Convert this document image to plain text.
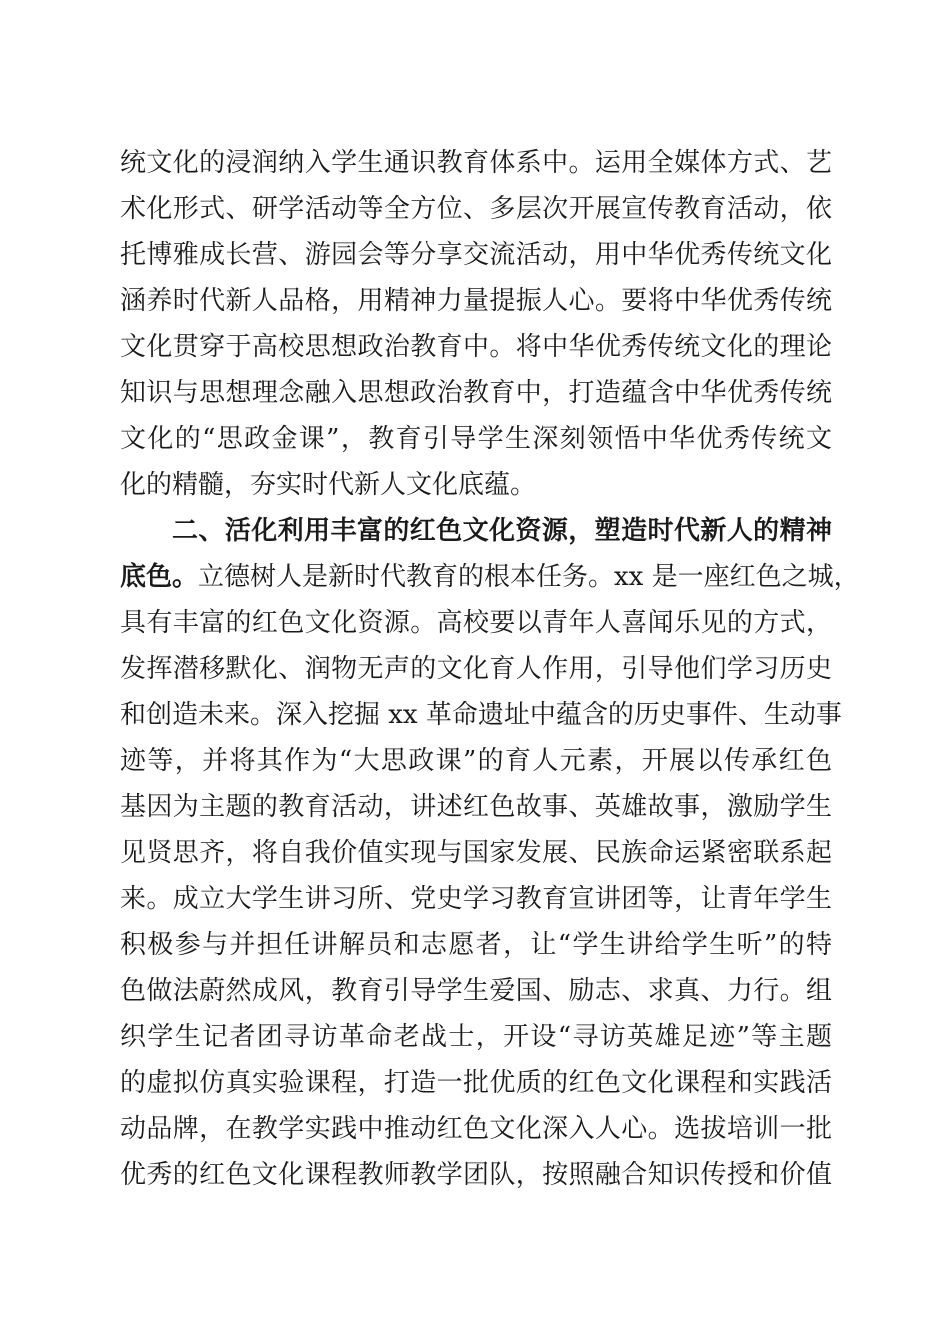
统文化的浸润纳入学生通识教育体系中。运用全媒体方式、艺
术化形式、研学活动等全方位、多层次开展宣传教育活动，依
托博雅成长营、游园会等分享交流活动，用中华优秀传统文化
涵养时代新人品格，用精神力量提振人心。要将中华优秀传统
文化贯穿于高校思想政治教育中。将中华优秀传统文化的理论
知识与思想理念融入思想政治教育中，打造蕴含中华优秀传统
文化的“思政金课”，教育引导学生深刻领悟中华优秀传统文
化的精髓，夯实时代新人文化底蕴。
二、活化利用丰富的红色文化资源，塑造时代新人的精神
底色。立德树人是新时代教育的根本任务。xx 是一座红色之城，
具有丰富的红色文化资源。高校要以青年人喜闻乐见的方式，
发挥潜移默化、润物无声的文化育人作用，引导他们学习历史
和创造未来。深入挖掘 xx 革命遗址中蕴含的历史事件、生动事
迹等，并将其作为“大思政课”的育人元素，开展以传承红色
基因为主题的教育活动，讲述红色故事、英雄故事，激励学生
见贤思齐，将自我价值实现与国家发展、民族命运紧密联系起
来。成立大学生讲习所、党史学习教育宣讲团等，让青年学生
积极参与并担任讲解员和志愿者，让“学生讲给学生听”的特
色做法蔚然成风，教育引导学生爱国、励志、求真、力行。组
织学生记者团寻访革命老战士，开设“寻访英雄足迹”等主题
的虚拟仿真实验课程，打造一批优质的红色文化课程和实践活
动品牌，在教学实践中推动红色文化深入人心。选拔培训一批
优秀的红色文化课程教师教学团队，按照融合知识传授和价值
